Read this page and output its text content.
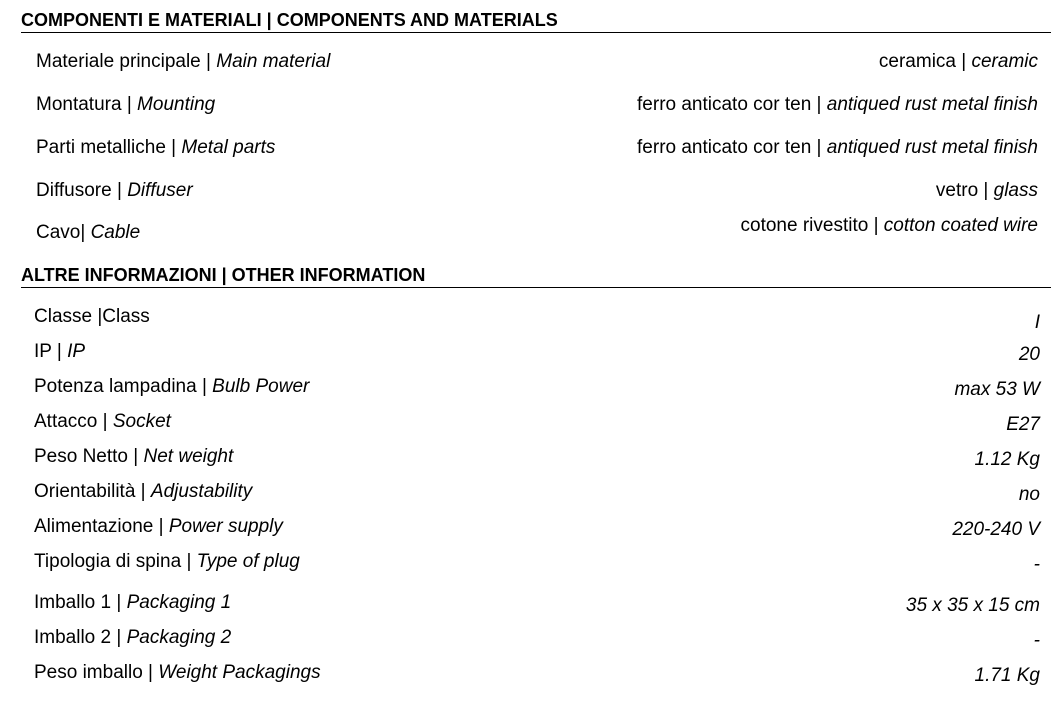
COMPONENTI E MATERIALI | COMPONENTS AND MATERIALS
Materiale principale | Main material	ceramica | ceramic
Montatura | Mounting	ferro anticato cor ten | antiqued rust metal finish
Parti metalliche | Metal parts	ferro anticato cor ten | antiqued rust metal finish
Diffusore | Diffuser	vetro | glass
Cavo| Cable	cotone rivestito | cotton coated wire
ALTRE INFORMAZIONI | OTHER INFORMATION
Classe |Class	I
IP | IP	20
Potenza lampadina | Bulb Power	max 53 W
Attacco | Socket	E27
Peso Netto | Net weight	1.12 Kg
Orientabilità | Adjustability	no
Alimentazione | Power supply	220-240 V
Tipologia di spina | Type of plug	-
Imballo 1 | Packaging 1	35 x 35 x 15 cm
Imballo 2 | Packaging 2	-
Peso imballo | Weight Packagings	1.71 Kg
